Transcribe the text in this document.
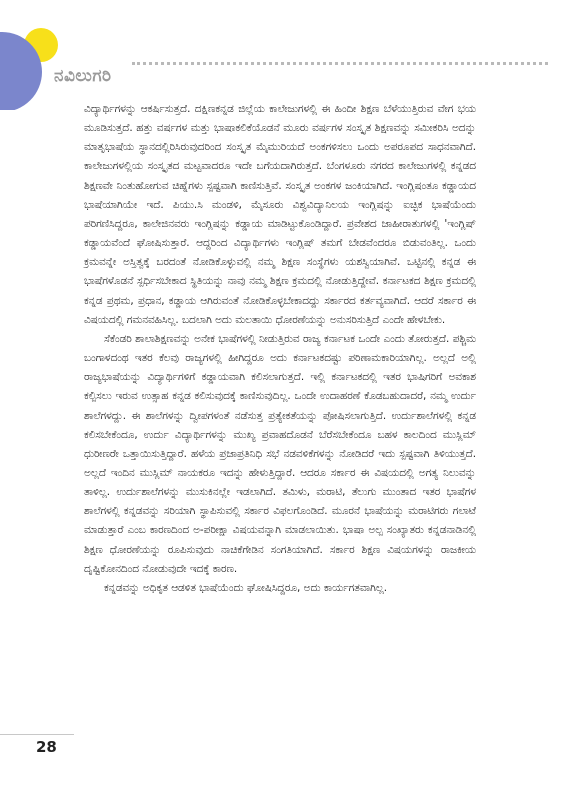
ನವಿಲುಗರಿ

ವಿದ್ಯಾರ್ಥಿಗಳನ್ನು ಆಕರ್ಷಿಸುತ್ತದೆ. ದಕ್ಷಿಣಕನ್ನಡ ಜಿಲ್ಲೆಯ ಕಾಲೇಜುಗಳಲ್ಲಿ ಈ ಹಿಂದೀ ಶಿಕ್ಷಣ ಬೆಳೆಯುತ್ತಿರುವ ವೇಗ ಭಯ ಮೂಡಿಸುತ್ತದೆ. ಹತ್ತು ವರ್ಷಗಳ ಮತ್ತು ಭಾಷಾಕಲಿಕೆಯೊಡನೆ ಮೂರು ವರ್ಷಗಳ ಸಂಸ್ಕೃತ ಶಿಕ್ಷಣವನ್ನು ಸಮೀಕರಿಸಿ ಅದನ್ನು ಮಾತೃಭಾಷೆಯ ಸ್ಥಾನದಲ್ಲಿರಿಸಿರುವುದರಿಂದ ಸಂಸ್ಕೃತ ಮೈಮುರಿಯದೆ ಅಂಕಗಳಿಸಲು ಒಂದು ಅಪರೂಪದ ಸಾಧನವಾಗಿದೆ. ಕಾಲೇಜುಗಳಲ್ಲಿಯ ಸಂಸ್ಕೃತದ ಮಟ್ಟವಾದರೂ ಇದೇ ಬಗೆಯದಾಗಿರುತ್ತದೆ. ಬೆಂಗಳೂರು ನಗರದ ಕಾಲೇಜುಗಳಲ್ಲಿ ಕನ್ನಡದ ಶಿಕ್ಷಣವೇ ನಿಂತುಹೋಗುವ ಚಿಹ್ನೆಗಳು ಸ್ಪಷ್ಟವಾಗಿ ಕಾಣಿಸುತ್ತಿವೆ. ಸಂಸ್ಕೃತ ಅಂಕಗಳ ಜಂಕಿಯಾಗಿದೆ. ಇಂಗ್ಲಿಷಂತೂ ಕಡ್ಡಾಯದ ಭಾಷೆಯಾಗಿಯೇ ಇದೆ. ಪಿಯು.ಸಿ ಮಂಡಳಿ, ಮೈಸೂರು ವಿಶ್ವವಿದ್ಯಾನಿಲಯ ಇಂಗ್ಲಿಷನ್ನು ಐಚ್ಛಿಕ ಭಾಷೆಯೆಂದು ಪರಿಗಣಿಸಿದ್ದರೂ, ಕಾಲೇಜಿನವರು ಇಂಗ್ಲಿಷನ್ನು ಕಡ್ಡಾಯ ಮಾಡಿಟ್ಟುಕೊಂಡಿದ್ದಾರೆ. ಪ್ರವೇಶದ ಜಾಹೀರಾತುಗಳಲ್ಲಿ 'ಇಂಗ್ಲಿಷ್ ಕಡ್ಡಾಯವೆಂದೆ ಘೋಷಿಸುತ್ತಾರೆ. ಆದ್ದರಿಂದ ವಿದ್ಯಾರ್ಥಿಗಳು ಇಂಗ್ಲಿಷ್ ತಮಗೆ ಬೇಡವೆಂದರೂ ಬಿಡುವಂತಿಲ್ಲ. ಒಂದು ಕ್ರಮವನ್ನೇ ಅಸ್ತಿತ್ವಕ್ಕೆ ಬರದಂತೆ ನೋಡಿಕೊಳ್ಳುವಲ್ಲಿ ನಮ್ಮ ಶಿಕ್ಷಣ ಸಂಸ್ಥೆಗಳು ಯಶಸ್ವಿಯಾಗಿವೆ. ಒಟ್ಟಿನಲ್ಲಿ ಕನ್ನಡ ಈ ಭಾಷೆಗಳೊಡನೆ ಸ್ಪರ್ಧಿಸಬೇಕಾದ ಸ್ಥಿತಿಯನ್ನು ನಾವು ನಮ್ಮ ಶಿಕ್ಷಣ ಕ್ರಮದಲ್ಲಿ ನೋಡುತ್ತಿದ್ದೇವೆ. ಕರ್ನಾಟಕದ ಶಿಕ್ಷಣ ಕ್ರಮದಲ್ಲಿ ಕನ್ನಡ ಪ್ರಥಮ, ಪ್ರಧಾನ, ಕಡ್ಡಾಯ ಆಗಿರುವಂತೆ ನೋಡಿಕೊಳ್ಳಬೇಕಾದದ್ದು ಸರ್ಕಾರದ ಕರ್ತವ್ಯವಾಗಿದೆ. ಆದರೆ ಸರ್ಕಾರ ಈ ವಿಷಯದಲ್ಲಿ ಗಮನವಹಿಸಿಲ್ಲ. ಬದಲಾಗಿ ಅದು ಮಲತಾಯಿ ಧೋರಣೆಯನ್ನು ಅನುಸರಿಸುತ್ತಿದೆ ಎಂದೇ ಹೇಳಬೇಕು.

ಸೆಕೆಂಡರಿ ಶಾಲಾಶಿಕ್ಷಣವನ್ನು ಅನೇಕ ಭಾಷೆಗಳಲ್ಲಿ ನೀಡುತ್ತಿರುವ ರಾಜ್ಯ ಕರ್ನಾಟಕ ಒಂದೇ ಎಂದು ತೋರುತ್ತದೆ. ಪಶ್ಚಿಮ ಬಂಗಾಳದಂಥ ಇತರ ಕೆಲವು ರಾಜ್ಯಗಳಲ್ಲಿ ಹೀಗಿದ್ದರೂ ಅದು ಕರ್ನಾಟಕದಷ್ಟು ಪರಿಣಾಮಕಾರಿಯಾಗಿಲ್ಲ. ಅಲ್ಲದೆ ಅಲ್ಲಿ ರಾಜ್ಯಭಾಷೆಯನ್ನು ವಿದ್ಯಾರ್ಥಿಗಳಿಗೆ ಕಡ್ಡಾಯವಾಗಿ ಕಲಿಸಲಾಗುತ್ತದೆ. ಇಲ್ಲಿ ಕರ್ನಾಟಕದಲ್ಲಿ ಇತರ ಭಾಷಿಗರಿಗೆ ಅವಕಾಶ ಕಲ್ಪಿಸಲು ಇರುವ ಉತ್ಸಾಹ ಕನ್ನಡ ಕಲಿಸುವುದಕ್ಕೆ ಕಾಣಿಸುವುದಿಲ್ಲ. ಒಂದೇ ಉದಾಹರಣೆ ಕೊಡಬಹುದಾದರೆ, ನಮ್ಮ ಉರ್ದು ಶಾಲೆಗಳದ್ದು. ಈ ಶಾಲೆಗಳನ್ನು ದ್ವೀಪಗಳಂತೆ ನಡೆಸುತ್ತ ಪ್ರತ್ಯೇಕತೆಯನ್ನು ಪೋಷಿಸಲಾಗುತ್ತಿದೆ. ಉರ್ದುಶಾಲೆಗಳಲ್ಲಿ ಕನ್ನಡ ಕಲಿಸಬೇಕೆಂದೂ, ಉರ್ದು ವಿದ್ಯಾರ್ಥಿಗಳನ್ನು ಮುಖ್ಯ ಪ್ರವಾಹದೊಡನೆ ಬೆರೆಸಬೇಕೆಂದೂ ಬಹಳ ಕಾಲದಿಂದ ಮುಸ್ಲಿಮ್ ಧುರೀಣರೇ ಒತ್ತಾಯಿಸುತ್ತಿದ್ದಾರೆ. ಹಳೆಯ ಪ್ರಜಾಪ್ರತಿನಿಧಿ ಸಭೆ ನಡವಳಿಕೆಗಳನ್ನು ನೋಡಿದರೆ ಇದು ಸ್ಪಷ್ಟವಾಗಿ ತಿಳಿಯುತ್ತದೆ. ಅಲ್ಲದೆ ಇಂದಿನ ಮುಸ್ಲಿಮ್ ನಾಯಕರೂ ಇದನ್ನು ಹೇಳುತ್ತಿದ್ದಾರೆ. ಆದರೂ ಸರ್ಕಾರ ಈ ವಿಷಯದಲ್ಲಿ ಅಗತ್ಯ ನಿಲುವನ್ನು ತಾಳಿಲ್ಲ. ಉರ್ದುಶಾಲೆಗಳನ್ನು ಮುಸುಕಿನಲ್ಲೇ ಇಡಲಾಗಿದೆ. ತಮಿಳು, ಮರಾಟಿ, ತೆಲುಗು ಮುಂತಾದ ಇತರ ಭಾಷೆಗಳ ಶಾಲೆಗಳಲ್ಲಿ ಕನ್ನಡವನ್ನು ಸರಿಯಾಗಿ ಸ್ಥಾಪಿಸುವಲ್ಲಿ ಸರ್ಕಾರ ವಿಫಲಗೊಂಡಿದೆ. ಮೂರನೆ ಭಾಷೆಯನ್ನು ಮರಾಟಿಗರು ಗಲಾಟೆ ಮಾಡುತ್ತಾರೆ ಎಂಬ ಕಾರಣದಿಂದ ಅ-ಪರೀಕ್ಷಾ ವಿಷಯವನ್ನಾಗಿ ಮಾಡಲಾಯಿತು. ಭಾಷಾ ಅಲ್ಪ ಸಂಖ್ಯಾತರು ಕನ್ನಡನಾಡಿನಲ್ಲಿ ಶಿಕ್ಷಣ ಧೋರಣೆಯನ್ನು ರೂಪಿಸುವುದು ನಾಚಿಕೆಗೇಡಿನ ಸಂಗತಿಯಾಗಿದೆ. ಸರ್ಕಾರ ಶಿಕ್ಷಣ ವಿಷಯಗಳನ್ನು ರಾಜಕೀಯ ದೃಷ್ಟಿಕೋನದಿಂದ ನೋಡುವುದೇ ಇದಕ್ಕೆ ಕಾರಣ.

ಕನ್ನಡವನ್ನು ಅಧಿಕೃತ ಆಡಳಿತ ಭಾಷೆಯೆಂದು ಘೋಷಿಸಿದ್ದರೂ, ಅದು ಕಾರ್ಯಗತವಾಗಿಲ್ಲ.

28
